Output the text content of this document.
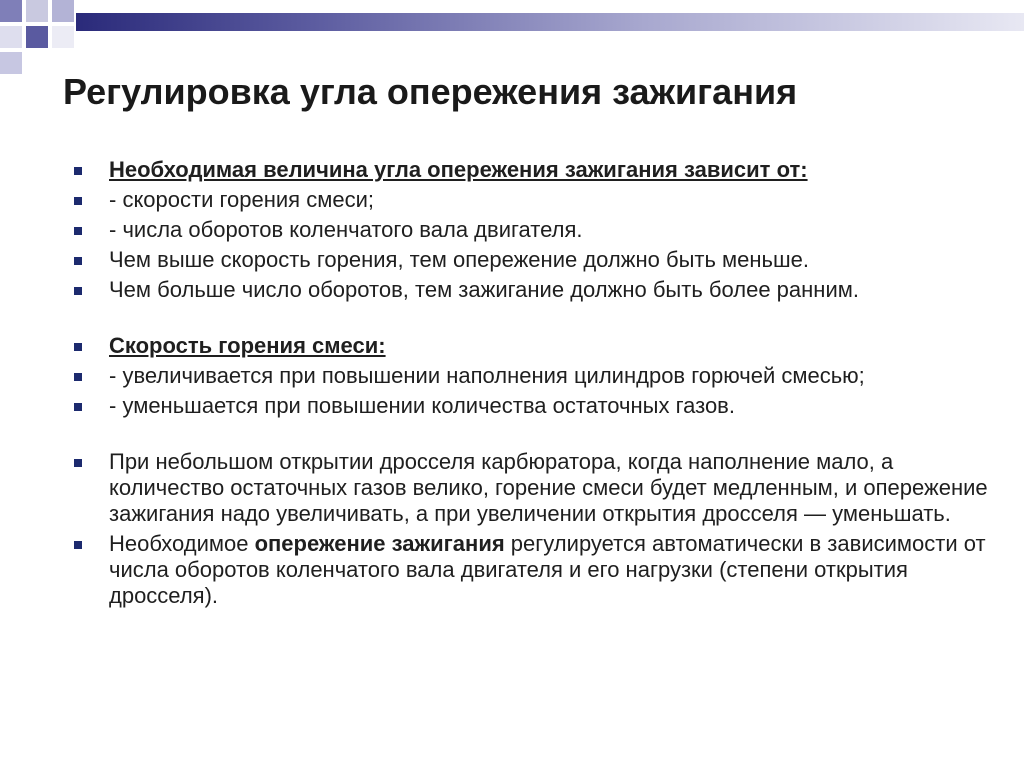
Регулировка угла опережения зажигания
Необходимая величина угла опережения зажигания зависит от:
- скорости горения смеси;
- числа оборотов коленчатого вала двигателя.
Чем выше скорость горения, тем опережение должно быть меньше.
Чем больше число оборотов, тем зажигание должно быть более ранним.
Скорость горения смеси:
- увеличивается при повышении наполнения цилиндров горючей смесью;
- уменьшается при повышении количества остаточных газов.
При небольшом открытии дросселя карбюратора, когда наполнение мало, а количество остаточных газов велико, горение смеси будет медленным, и опережение зажигания надо увеличивать, а при увеличении открытия дросселя — уменьшать.
Необходимое опережение зажигания регулируется автоматически в зависимости от числа оборотов коленчатого вала двигателя и его нагрузки (степени открытия дросселя).
